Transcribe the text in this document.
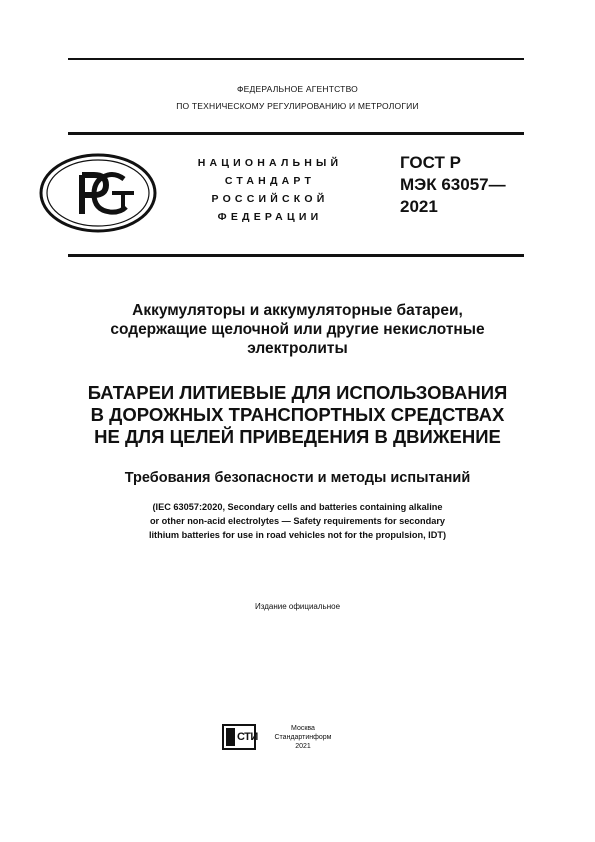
ФЕДЕРАЛЬНОЕ АГЕНТСТВО
ПО ТЕХНИЧЕСКОМУ РЕГУЛИРОВАНИЮ И МЕТРОЛОГИИ
НАЦИОНАЛЬНЫЙ
СТАНДАРТ
РОССИЙСКОЙ
ФЕДЕРАЦИИ
ГОСТ Р
МЭК 63057—
2021
Аккумуляторы и аккумуляторные батареи,
содержащие щелочной или другие некислотные
электролиты
БАТАРЕИ ЛИТИЕВЫЕ ДЛЯ ИСПОЛЬЗОВАНИЯ
В ДОРОЖНЫХ ТРАНСПОРТНЫХ СРЕДСТВАХ
НЕ ДЛЯ ЦЕЛЕЙ ПРИВЕДЕНИЯ В ДВИЖЕНИЕ
Требования безопасности и методы испытаний
(IEC 63057:2020, Secondary cells and batteries containing alkaline
or other non-acid electrolytes — Safety requirements for secondary
lithium batteries for use in road vehicles not for the propulsion, IDT)
Издание официальное
СТИ
Москва
Стандартинформ
2021
